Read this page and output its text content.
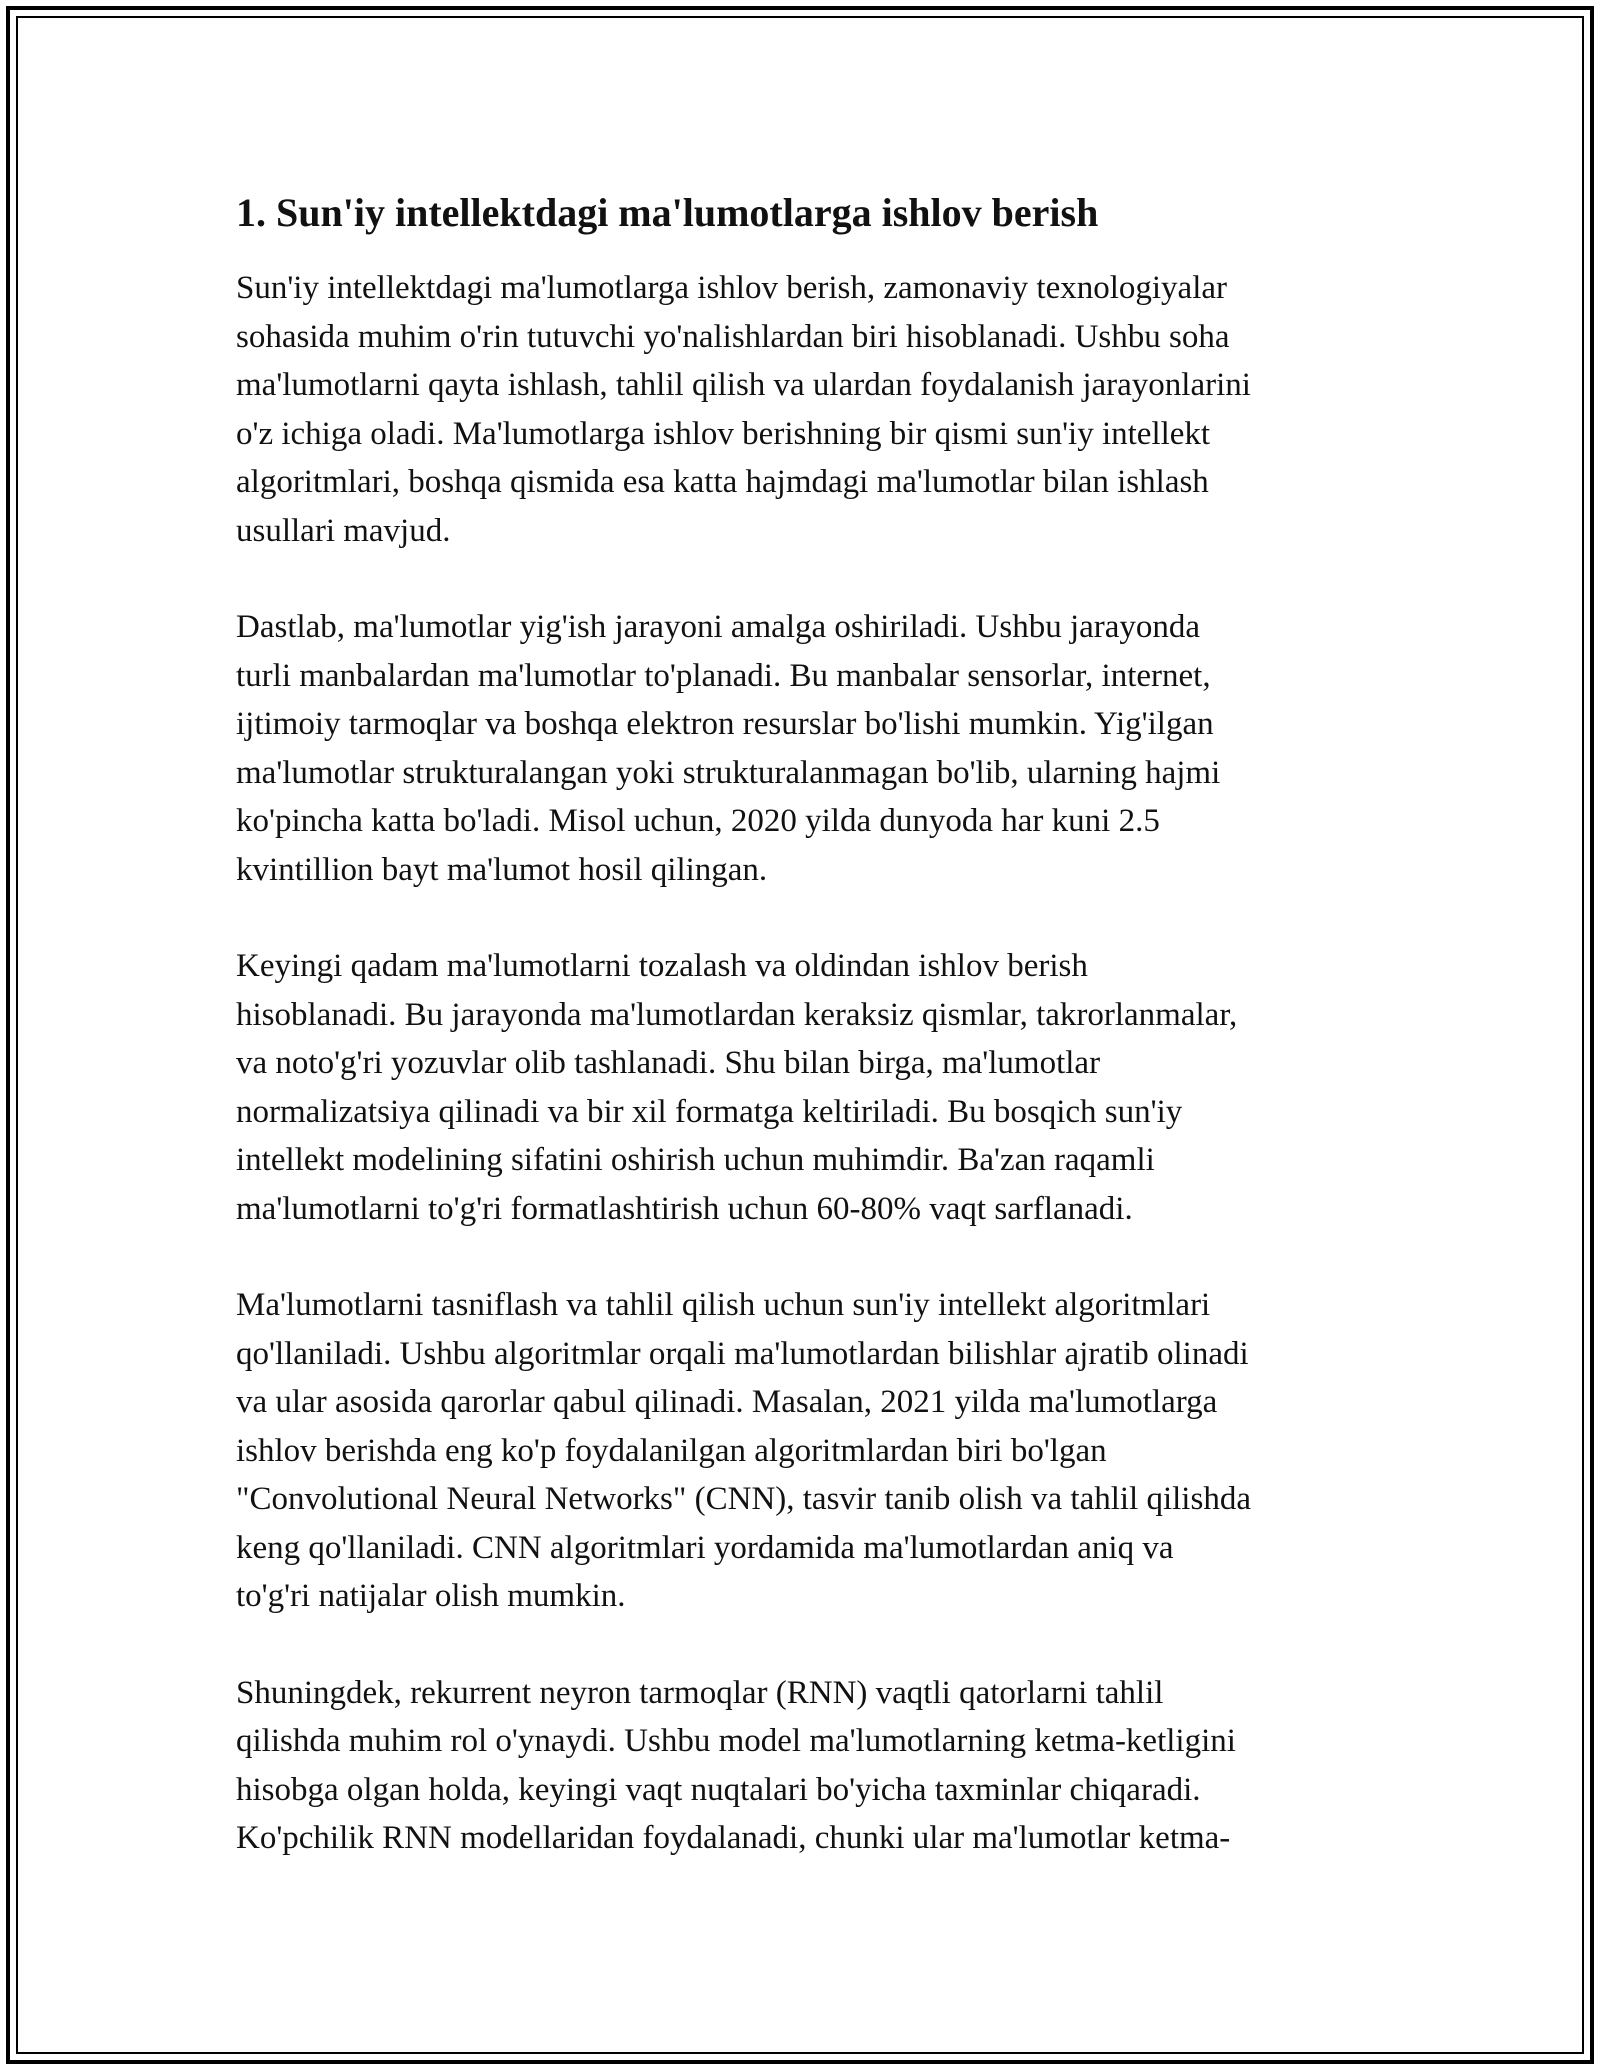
1. Sun'iy intellektdagi ma'lumotlarga ishlov berish

Sun'iy intellektdagi ma'lumotlarga ishlov berish, zamonaviy texnologiyalar
sohasida muhim o'rin tutuvchi yo'nalishlardan biri hisoblanadi. Ushbu soha
ma'lumotlarni qayta ishlash, tahlil qilish va ulardan foydalanish jarayonlarini
o'z ichiga oladi. Ma'lumotlarga ishlov berishning bir qismi sun'iy intellekt
algoritmlari, boshqa qismida esa katta hajmdagi ma'lumotlar bilan ishlash
usullari mavjud.

Dastlab, ma'lumotlar yig'ish jarayoni amalga oshiriladi. Ushbu jarayonda
turli manbalardan ma'lumotlar to'planadi. Bu manbalar sensorlar, internet,
ijtimoiy tarmoqlar va boshqa elektron resurslar bo'lishi mumkin. Yig'ilgan
ma'lumotlar strukturalangan yoki strukturalanmagan bo'lib, ularning hajmi
ko'pincha katta bo'ladi. Misol uchun, 2020 yilda dunyoda har kuni 2.5
kvintillion bayt ma'lumot hosil qilingan.

Keyingi qadam ma'lumotlarni tozalash va oldindan ishlov berish
hisoblanadi. Bu jarayonda ma'lumotlardan keraksiz qismlar, takrorlanmalar,
va noto'g'ri yozuvlar olib tashlanadi. Shu bilan birga, ma'lumotlar
normalizatsiya qilinadi va bir xil formatga keltiriladi. Bu bosqich sun'iy
intellekt modelining sifatini oshirish uchun muhimdir. Ba'zan raqamli
ma'lumotlarni to'g'ri formatlashtirish uchun 60-80% vaqt sarflanadi.

Ma'lumotlarni tasniflash va tahlil qilish uchun sun'iy intellekt algoritmlari
qo'llaniladi. Ushbu algoritmlar orqali ma'lumotlardan bilishlar ajratib olinadi
va ular asosida qarorlar qabul qilinadi. Masalan, 2021 yilda ma'lumotlarga
ishlov berishda eng ko'p foydalanilgan algoritmlardan biri bo'lgan
"Convolutional Neural Networks" (CNN), tasvir tanib olish va tahlil qilishda
keng qo'llaniladi. CNN algoritmlari yordamida ma'lumotlardan aniq va
to'g'ri natijalar olish mumkin.

Shuningdek, rekurrent neyron tarmoqlar (RNN) vaqtli qatorlarni tahlil
qilishda muhim rol o'ynaydi. Ushbu model ma'lumotlarning ketma-ketligini
hisobga olgan holda, keyingi vaqt nuqtalari bo'yicha taxminlar chiqaradi.
Ko'pchilik RNN modellaridan foydalanadi, chunki ular ma'lumotlar ketma-
